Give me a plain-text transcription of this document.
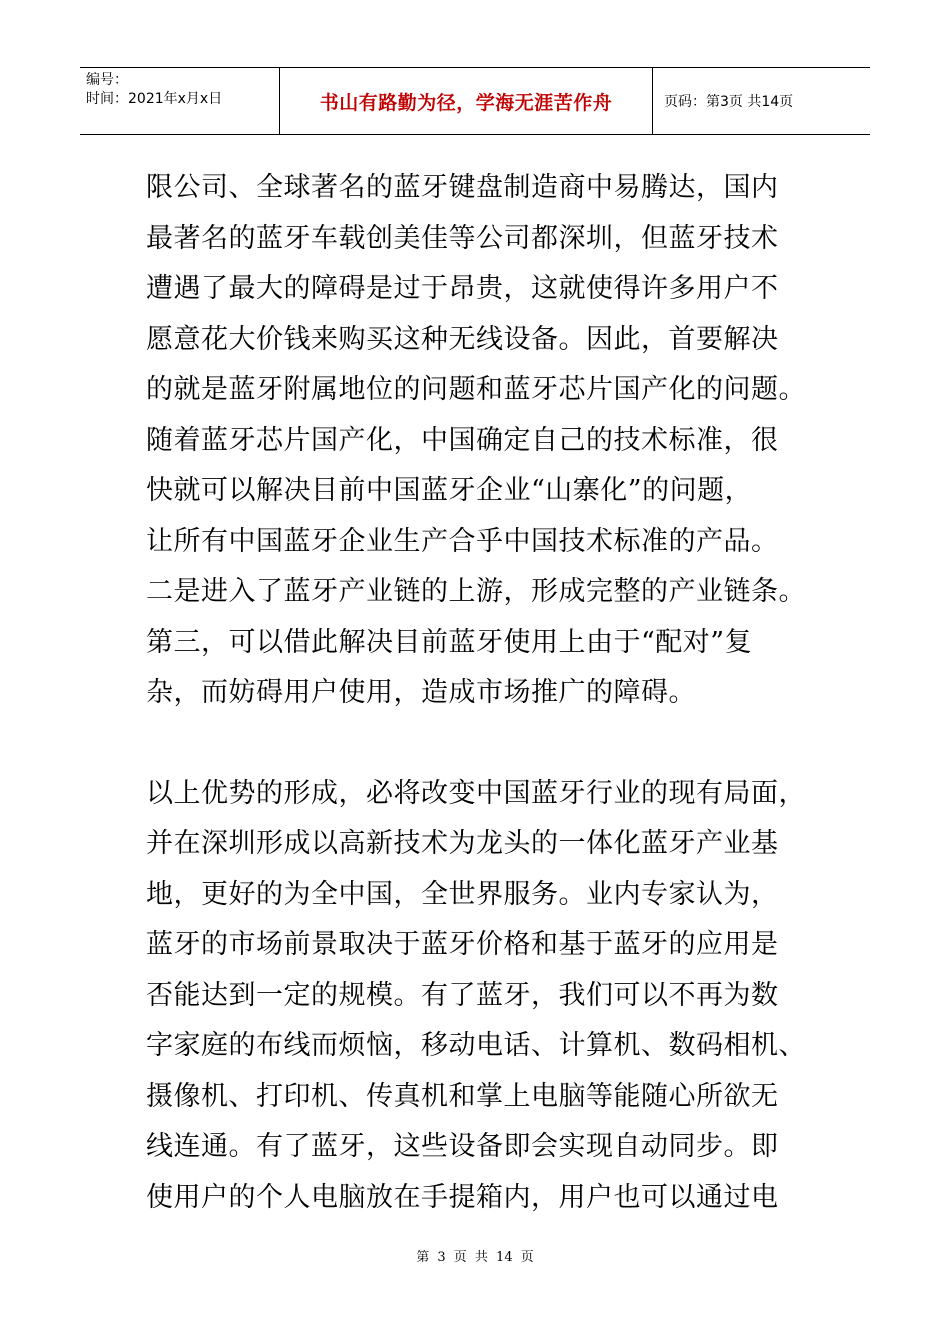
编号：
时间：2021年x月x日	书山有路勤为径，学海无涯苦作舟	页码：第3页 共14页
限公司、全球著名的蓝牙键盘制造商中易腾达，国内
最著名的蓝牙车载创美佳等公司都深圳，但蓝牙技术
遭遇了最大的障碍是过于昂贵，这就使得许多用户不
愿意花大价钱来购买这种无线设备。因此，首要解决
的就是蓝牙附属地位的问题和蓝牙芯片国产化的问题。
随着蓝牙芯片国产化，中国确定自己的技术标准，很
快就可以解决目前中国蓝牙企业“山寨化”的问题，
让所有中国蓝牙企业生产合乎中国技术标准的产品。
二是进入了蓝牙产业链的上游，形成完整的产业链条。
第三，可以借此解决目前蓝牙使用上由于“配对”复
杂，而妨碍用户使用，造成市场推广的障碍。
以上优势的形成，必将改变中国蓝牙行业的现有局面，
并在深圳形成以高新技术为龙头的一体化蓝牙产业基
地，更好的为全中国，全世界服务。业内专家认为，
蓝牙的市场前景取决于蓝牙价格和基于蓝牙的应用是
否能达到一定的规模。有了蓝牙，我们可以不再为数
字家庭的布线而烦恼，移动电话、计算机、数码相机、
摄像机、打印机、传真机和掌上电脑等能随心所欲无
线连通。有了蓝牙，这些设备即会实现自动同步。即
使用户的个人电脑放在手提箱内，用户也可以通过电
第 3 页 共 14 页
